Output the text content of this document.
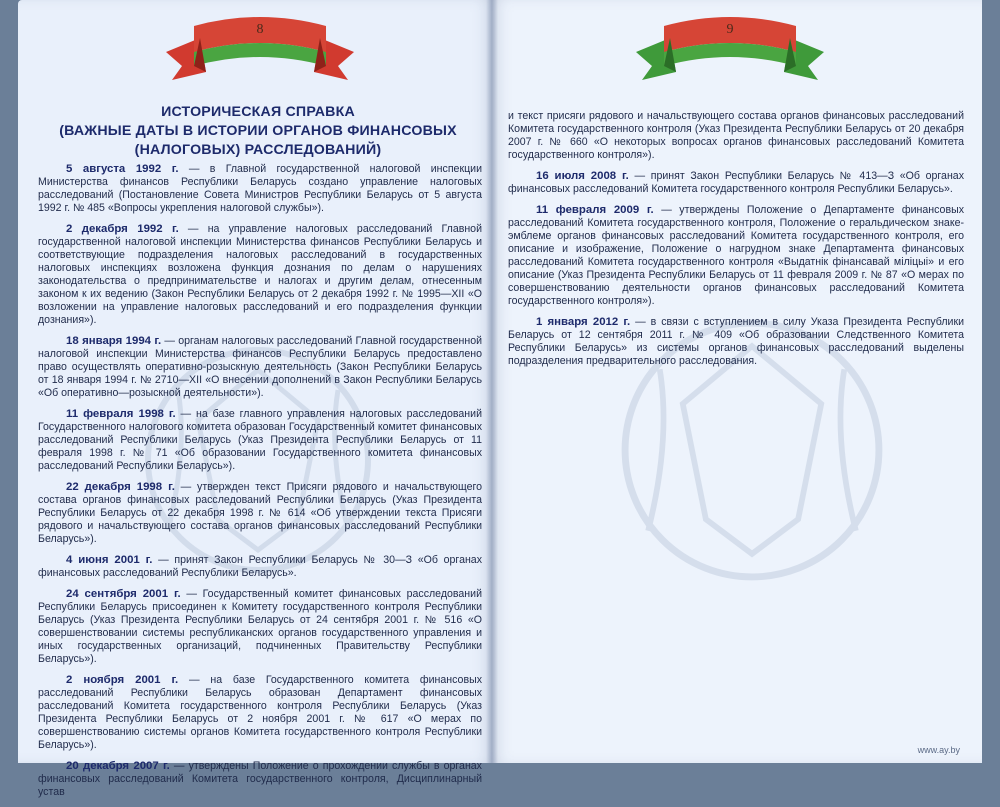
8
ИСТОРИЧЕСКАЯ СПРАВКА
(ВАЖНЫЕ ДАТЫ В ИСТОРИИ ОРГАНОВ ФИНАНСОВЫХ
(НАЛОГОВЫХ) РАССЛЕДОВАНИЙ)

5 августа 1992 г. — в Главной государственной налоговой инспекции Министерства финансов Республики Беларусь создано управление налоговых расследований (Постановление Совета Министров Республики Беларусь от 5 августа 1992 г. № 485 «Вопросы укрепления налоговой службы»).

2 декабря 1992 г. — на управление налоговых расследований Главной государственной налоговой инспекции Министерства финансов Республики Беларусь и соответствующие подразделения налоговых расследований в государственных налоговых инспекциях возложена функция дознания по делам о нарушениях законодательства о предпринимательстве и налогах и другим делам, отнесенным законом к их ведению (Закон Республики Беларусь от 2 декабря 1992 г. № 1995—XII «О возложении на управление налоговых расследований и его подразделения функции дознания»).

18 января 1994 г. — органам налоговых расследований Главной государственной налоговой инспекции Министерства финансов Республики Беларусь предоставлено право осуществлять оперативно-розыскную деятельность (Закон Республики Беларусь от 18 января 1994 г. № 2710—XII «О внесении дополнений в Закон Республики Беларусь «Об оперативно—розыскной деятельности»).

11 февраля 1998 г. — на базе главного управления налоговых расследований Государственного налогового комитета образован Государственный комитет финансовых расследований Республики Беларусь (Указ Президента Республики Беларусь от 11 февраля 1998 г. № 71 «Об образовании Государственного комитета финансовых расследований Республики Беларусь»).

22 декабря 1998 г. — утвержден текст Присяги рядового и начальствующего состава органов финансовых расследований Республики Беларусь (Указ Президента Республики Беларусь от 22 декабря 1998 г. № 614 «Об утверждении текста Присяги рядового и начальствующего состава органов финансовых расследований Республики Беларусь»).

4 июня 2001 г. — принят Закон Республики Беларусь № 30—З «Об органах финансовых расследований Республики Беларусь».

24 сентября 2001 г. — Государственный комитет финансовых расследований Республики Беларусь присоединен к Комитету государственного контроля Республики Беларусь (Указ Президента Республики Беларусь от 24 сентября 2001 г. № 516 «О совершенствовании системы республиканских органов государственного управления и иных государственных организаций, подчиненных Правительству Республики Беларусь»).

2 ноября 2001 г. — на базе Государственного комитета финансовых расследований Республики Беларусь образован Департамент финансовых расследований Комитета государственного контроля Республики Беларусь (Указ Президента Республики Беларусь от 2 ноября 2001 г. № 617 «О мерах по совершенствованию системы органов Комитета государственного контроля Республики Беларусь»).

20 декабря 2007 г. — утверждены Положение о прохождении службы в органах финансовых расследований Комитета государственного контроля, Дисциплинарный устав

9

и текст присяги рядового и начальствующего состава органов финансовых расследований Комитета государственного контроля (Указ Президента Республики Беларусь от 20 декабря 2007 г. № 660 «О некоторых вопросах органов финансовых расследований Комитета государственного контроля»).

16 июля 2008 г. — принят Закон Республики Беларусь № 413—З «Об органах финансовых расследований Комитета государственного контроля Республики Беларусь».

11 февраля 2009 г. — утверждены Положение о Департаменте финансовых расследований Комитета государственного контроля, Положение о геральдическом знаке-эмблеме органов финансовых расследований Комитета государственного контроля, его описание и изображение, Положение о нагрудном знаке Департамента финансовых расследований Комитета государственного контроля «Выдатнік фінансавай міліцыі» и его описание (Указ Президента Республики Беларусь от 11 февраля 2009 г. № 87 «О мерах по совершенствованию деятельности органов финансовых расследований Комитета государственного контроля»).

1 января 2012 г. — в связи с вступлением в силу Указа Президента Республики Беларусь от 12 сентября 2011 г. № 409 «Об образовании Следственного Комитета Республики Беларусь» из системы органов финансовых расследований выделены подразделения предварительного расследования.

www.ay.by
